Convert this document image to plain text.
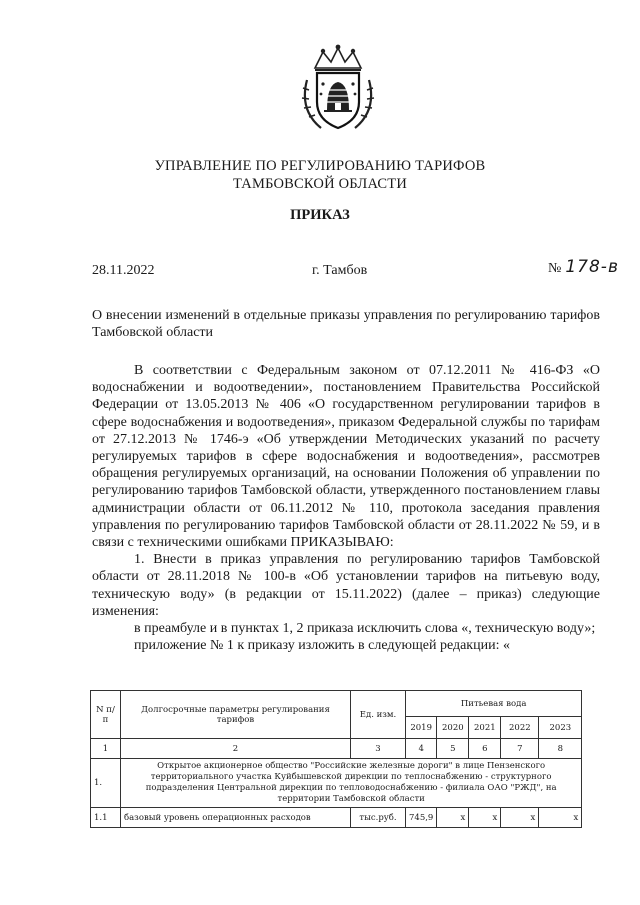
УПРАВЛЕНИЕ ПО РЕГУЛИРОВАНИЮ ТАРИФОВ
ТАМБОВСКОЙ ОБЛАСТИ
ПРИКАЗ
28.11.2022	г. Тамбов	№ 178-в
О внесении изменений в отдельные приказы управления по регулированию тарифов Тамбовской области

В соответствии с Федеральным законом от 07.12.2011 № 416-ФЗ «О водоснабжении и водоотведении», постановлением Правительства Российской Федерации от 13.05.2013 № 406 «О государственном регулировании тарифов в сфере водоснабжения и водоотведения», приказом Федеральной службы по тарифам от 27.12.2013 № 1746-э «Об утверждении Методических указаний по расчету регулируемых тарифов в сфере водоснабжения и водоотведения», рассмотрев обращения регулируемых организаций, на основании Положения об управлении по регулированию тарифов Тамбовской области, утвержденного постановлением главы администрации области от 06.11.2012 № 110, протокола заседания правления управления по регулированию тарифов Тамбовской области от 28.11.2022 № 59, и в связи с техническими ошибками ПРИКАЗЫВАЮ:

1. Внести в приказ управления по регулированию тарифов Тамбовской области от 28.11.2018 № 100-в «Об установлении тарифов на питьевую воду, техническую воду» (в редакции от 15.11.2022) (далее – приказ) следующие изменения:

в преамбуле и в пунктах 1, 2 приказа исключить слова «, техническую воду»;

приложение № 1 к приказу изложить в следующей редакции: «

N п/п	Долгосрочные параметры регулирования тарифов	Ед. изм.	Питьевая вода				
			2019	2020	2021	2022	2023
1	2	3	4	5	6	7	8
1.	Открытое акционерное общество "Российские железные дороги" в лице Пензенского территориального участка Куйбышевской дирекции по теплоснабжению - структурного подразделения Центральной дирекции по тепловодоснабжению - филиала ОАО "РЖД", на территории Тамбовской области						
1.1	базовый уровень операционных расходов	тыс.руб.	745,9	х	х	х	х
